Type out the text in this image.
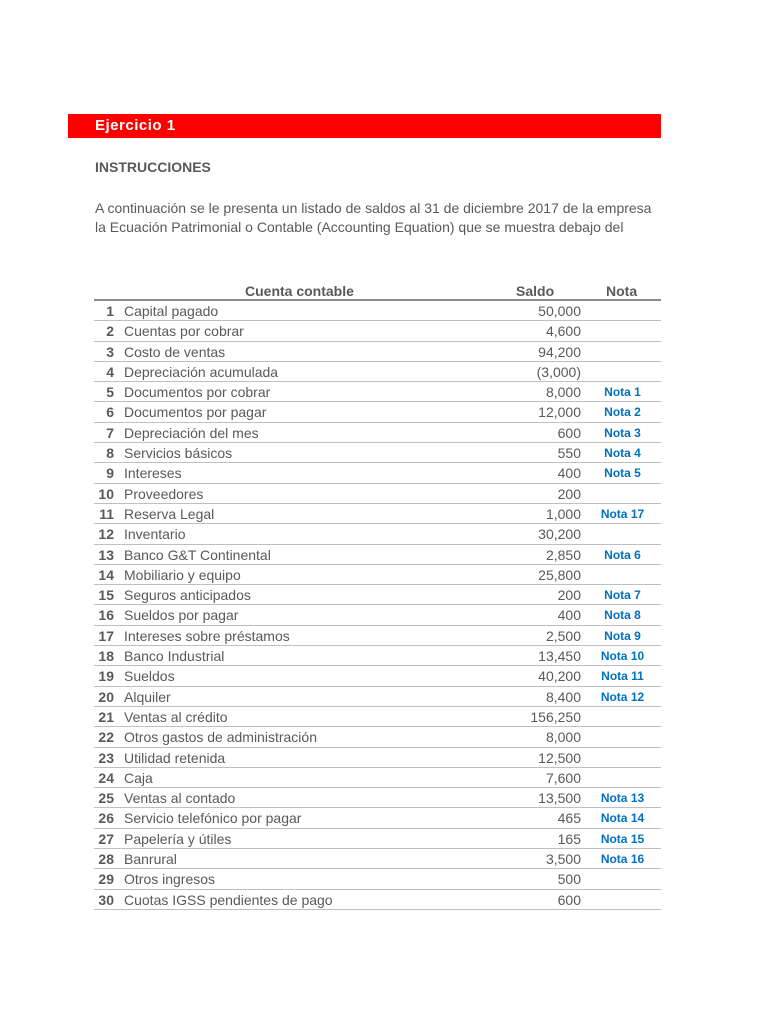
Ejercicio 1
INSTRUCCIONES
A continuación se le presenta un listado de saldos al 31 de diciembre 2017 de la empresa
la Ecuación Patrimonial o Contable (Accounting Equation) que se muestra debajo del
Cuenta contable	Saldo	Nota
1 Capital pagado	50,000
2 Cuentas por cobrar	4,600
3 Costo de ventas	94,200
4 Depreciación acumulada	(3,000)
5 Documentos por cobrar	8,000	Nota 1
6 Documentos por pagar	12,000	Nota 2
7 Depreciación del mes	600	Nota 3
8 Servicios básicos	550	Nota 4
9 Intereses	400	Nota 5
10 Proveedores	200
11 Reserva Legal	1,000	Nota 17
12 Inventario	30,200
13 Banco G&T Continental	2,850	Nota 6
14 Mobiliario y equipo	25,800
15 Seguros anticipados	200	Nota 7
16 Sueldos por pagar	400	Nota 8
17 Intereses sobre préstamos	2,500	Nota 9
18 Banco Industrial	13,450	Nota 10
19 Sueldos	40,200	Nota 11
20 Alquiler	8,400	Nota 12
21 Ventas al crédito	156,250
22 Otros gastos de administración	8,000
23 Utilidad retenida	12,500
24 Caja	7,600
25 Ventas al contado	13,500	Nota 13
26 Servicio telefónico por pagar	465	Nota 14
27 Papelería y útiles	165	Nota 15
28 Banrural	3,500	Nota 16
29 Otros ingresos	500
30 Cuotas IGSS pendientes de pago	600
